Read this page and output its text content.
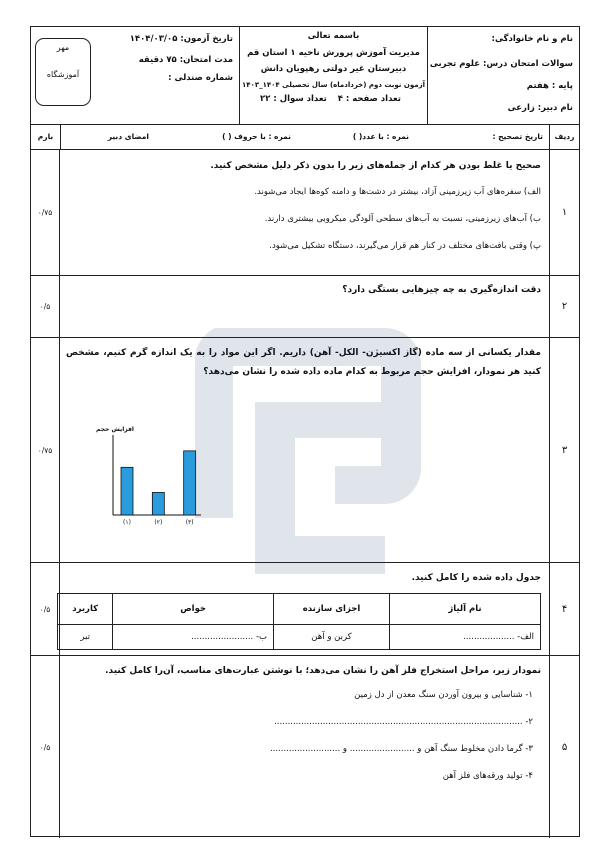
نام و نام خانوادگی:
سوالات امتحان درس: علوم تجربی
پایه : هفتم
نام دبیر: زارعی
باسمه تعالی
مدیریت آموزش پرورش ناحیه ۱ استان قم
دبیرستان غیر دولتی رهپویان دانش
آزمون نوبت دوم (خردادماه) سال تحصیلی ۱۴۰۴_۱۴۰۳
تعداد صفحه : ۴
تعداد سوال : ۲۲
تاریخ آزمون: ۱۴۰۴/۰۳/۰۵
مدت امتحان: ۷۵ دقیقه
شماره صندلی :
مهر
آموزشگاه
ردیف
تاریخ تصحیح :
نمره : با عدد( )
نمره : با حروف ( )
امضای دبیر
بارم
۱
صحیح یا غلط بودن هر کدام از جمله‌های زیر را بدون ذکر دلیل مشخص کنید.
الف) سفره‌های آب زیرزمینی آزاد، بیشتر در دشت‌ها و دامنه کوه‌ها ایجاد می‌شوند.
ب) آب‌های زیرزمینی، نسبت به آب‌های سطحی آلودگی میکروبی بیشتری دارند.
پ) وقتی بافت‌های مختلف در کنار هم قرار می‌گیرند، دستگاه تشکیل می‌شود.
۰/۷۵
۲
دقت اندازه‌گیری به چه چیزهایی بستگی دارد؟
۰/۵
۳
مقدار یکسانی از سه ماده (گاز اکسیژن- الکل- آهن) داریم. اگر این مواد را به یک اندازه گرم کنیم، مشخص کنید هر نمودار، افزایش حجم مربوط به کدام ماده داده شده را نشان می‌دهد؟
افزایش حجم
(۱)	(۲)	(۳)
۰/۷۵
۴
جدول داده شده را کامل کنید.
نام آلیاژ	اجزای سازنده	خواص	کاربرد
الف- ...................	کربن و آهن	ب- .......................	تبر
۰/۵
۵
نمودار زیر، مراحل استخراج فلز آهن را نشان می‌دهد؛ با نوشتن عبارت‌های مناسب، آن‌را کامل کنید.
۱- شناسایی و بیرون آوردن سنگ معدن از دل زمین
۲- ............................................................................................
۳- گرما دادن مخلوط سنگ آهن و ........................ و ..........................
۴- تولید ورقه‌های فلز آهن
۰/۵
